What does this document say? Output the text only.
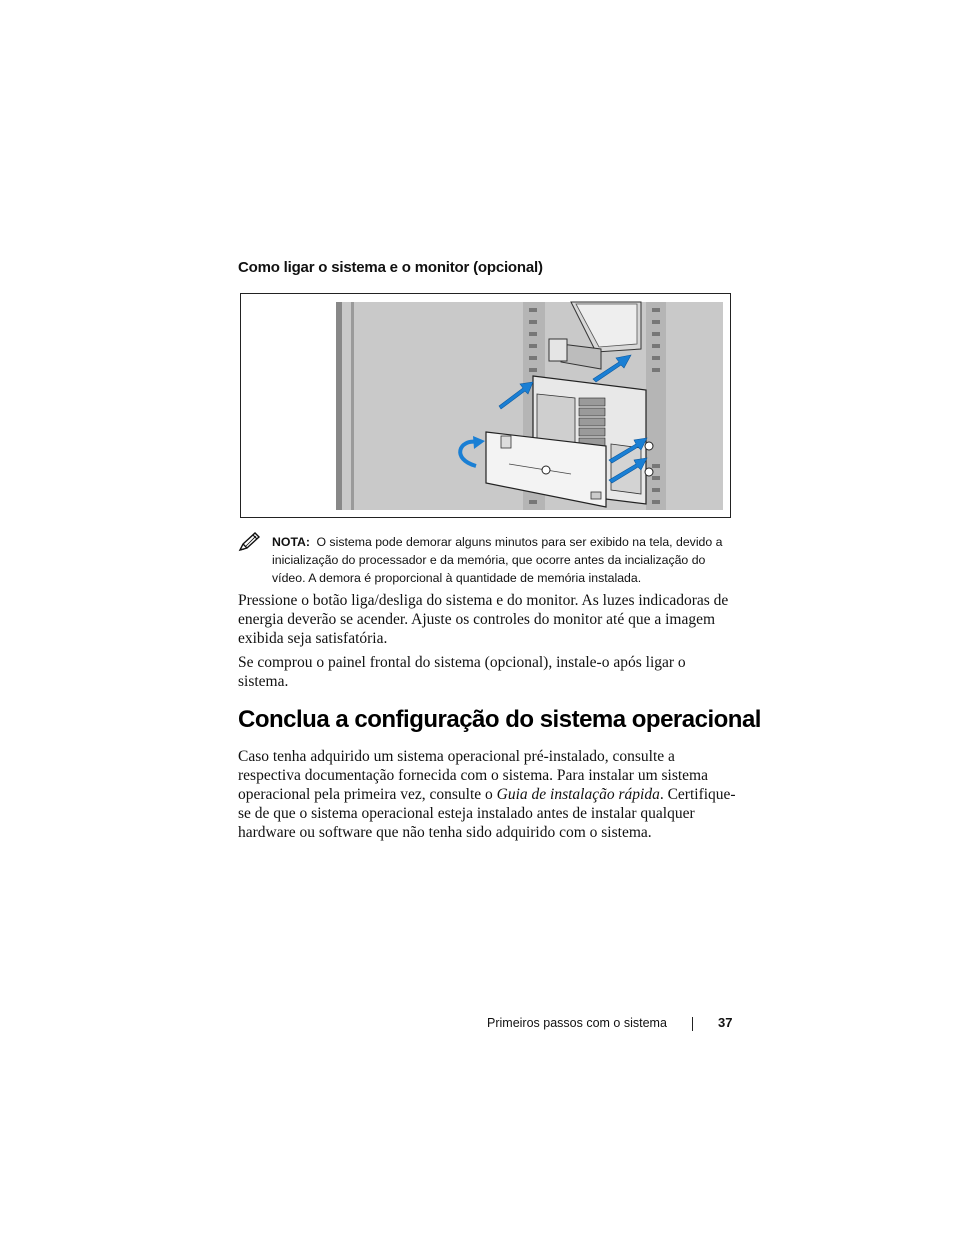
Como ligar o sistema e o monitor (opcional)

NOTA: O sistema pode demorar alguns minutos para ser exibido na tela, devido a inicialização do processador e da memória, que ocorre antes da incialização do vídeo. A demora é proporcional à quantidade de memória instalada.

Pressione o botão liga/desliga do sistema e do monitor. As luzes indicadoras de energia deverão se acender. Ajuste os controles do monitor até que a imagem exibida seja satisfatória.

Se comprou o painel frontal do sistema (opcional), instale-o após ligar o sistema.

Conclua a configuração do sistema operacional

Caso tenha adquirido um sistema operacional pré-instalado, consulte a respectiva documentação fornecida com o sistema. Para instalar um sistema operacional pela primeira vez, consulte o Guia de instalação rápida. Certifique-se de que o sistema operacional esteja instalado antes de instalar qualquer hardware ou software que não tenha sido adquirido com o sistema.

Primeiros passos com o sistema	37
